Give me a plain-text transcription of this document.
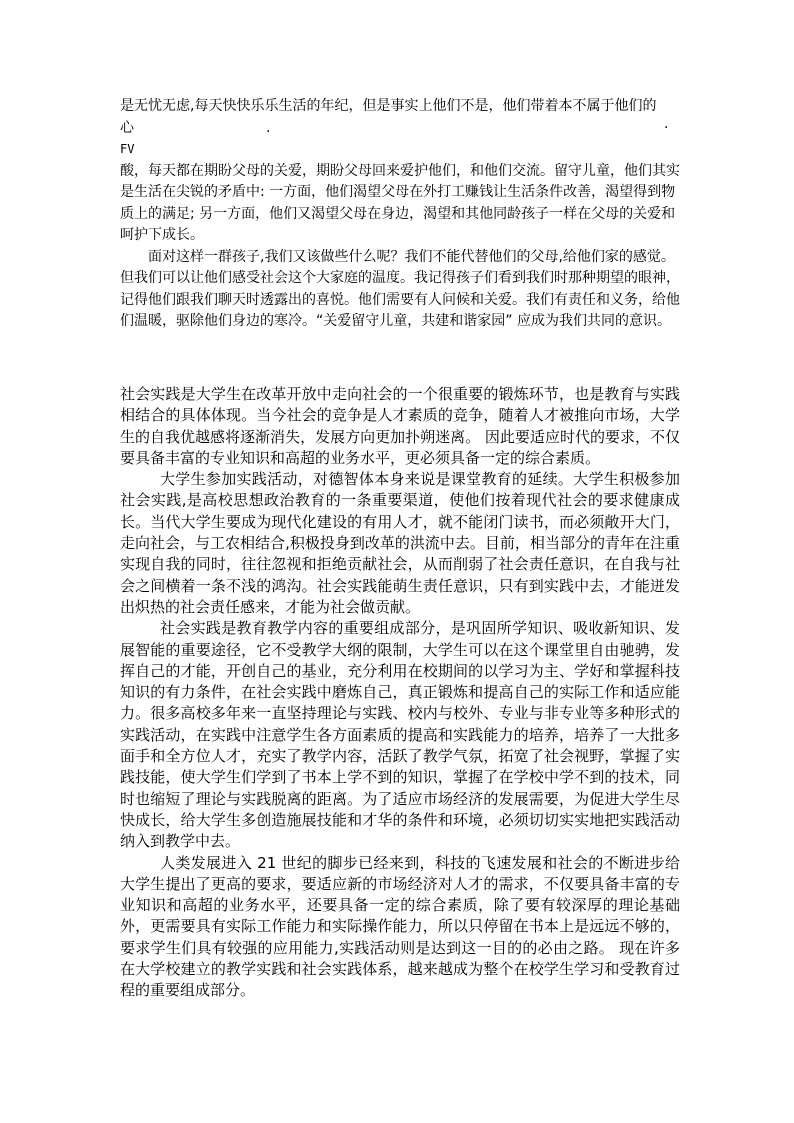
是无忧无虑,每天快快乐乐生活的年纪，但是事实上他们不是，他们带着本不属于他们的
心	.	·
FV

酸，每天都在期盼父母的关爱，期盼父母回来爱护他们，和他们交流。留守儿童，他们其实是生活在尖锐的矛盾中: 一方面，他们渴望父母在外打工赚钱让生活条件改善，渴望得到物质上的满足; 另一方面，他们又渴望父母在身边，渴望和其他同龄孩子一样在父母的关爱和呵护下成长。

面对这样一群孩子,我们又该做些什么呢？我们不能代替他们的父母,给他们家的感觉。但我们可以让他们感受社会这个大家庭的温度。我记得孩子们看到我们时那种期望的眼神，记得他们跟我们聊天时透露出的喜悦。他们需要有人问候和关爱。我们有责任和义务，给他们温暖，驱除他们身边的寒冷。“关爱留守儿童，共建和谐家园” 应成为我们共同的意识。

社会实践是大学生在改革开放中走向社会的一个很重要的锻炼环节，也是教育与实践相结合的具体体现。当今社会的竞争是人才素质的竞争，随着人才被推向市场，大学生的自我优越感将逐渐消失，发展方向更加扑朔迷离。 因此要适应时代的要求，不仅要具备丰富的专业知识和高超的业务水平，更必须具备一定的综合素质。

大学生参加实践活动，对德智体本身来说是课堂教育的延续。大学生积极参加社会实践,是高校思想政治教育的一条重要渠道，使他们按着现代社会的要求健康成长。当代大学生要成为现代化建设的有用人才，就不能闭门读书，而必须敞开大门，走向社会，与工农相结合,积极投身到改革的洪流中去。目前，相当部分的青年在注重实现自我的同时，往往忽视和拒绝贡献社会，从而削弱了社会责任意识，在自我与社会之间横着一条不浅的鸿沟。社会实践能萌生责任意识，只有到实践中去，才能迸发出炽热的社会责任感来，才能为社会做贡献。

社会实践是教育教学内容的重要组成部分，是巩固所学知识、吸收新知识、发展智能的重要途径，它不受教学大纲的限制，大学生可以在这个课堂里自由驰骋，发挥自己的才能，开创自己的基业，充分利用在校期间的以学习为主、学好和掌握科技知识的有力条件，在社会实践中磨炼自己，真正锻炼和提高自己的实际工作和适应能力。很多高校多年来一直坚持理论与实践、校内与校外、专业与非专业等多种形式的实践活动，在实践中注意学生各方面素质的提高和实践能力的培养，培养了一大批多面手和全方位人才，充实了教学内容，活跃了教学气氛，拓宽了社会视野，掌握了实践技能，使大学生们学到了书本上学不到的知识，掌握了在学校中学不到的技术，同时也缩短了理论与实践脱离的距离。为了适应市场经济的发展需要，为促进大学生尽快成长，给大学生多创造施展技能和才华的条件和环境，必须切切实实地把实践活动纳入到教学中去。

人类发展进入 21 世纪的脚步已经来到，科技的飞速发展和社会的不断进步给大学生提出了更高的要求，要适应新的市场经济对人才的需求，不仅要具备丰富的专业知识和高超的业务水平，还要具备一定的综合素质，除了要有较深厚的理论基础外，更需要具有实际工作能力和实际操作能力，所以只停留在书本上是远远不够的，要求学生们具有较强的应用能力,实践活动则是达到这一目的的必由之路。 现在许多在大学校建立的教学实践和社会实践体系，越来越成为整个在校学生学习和受教育过程的重要组成部分。
